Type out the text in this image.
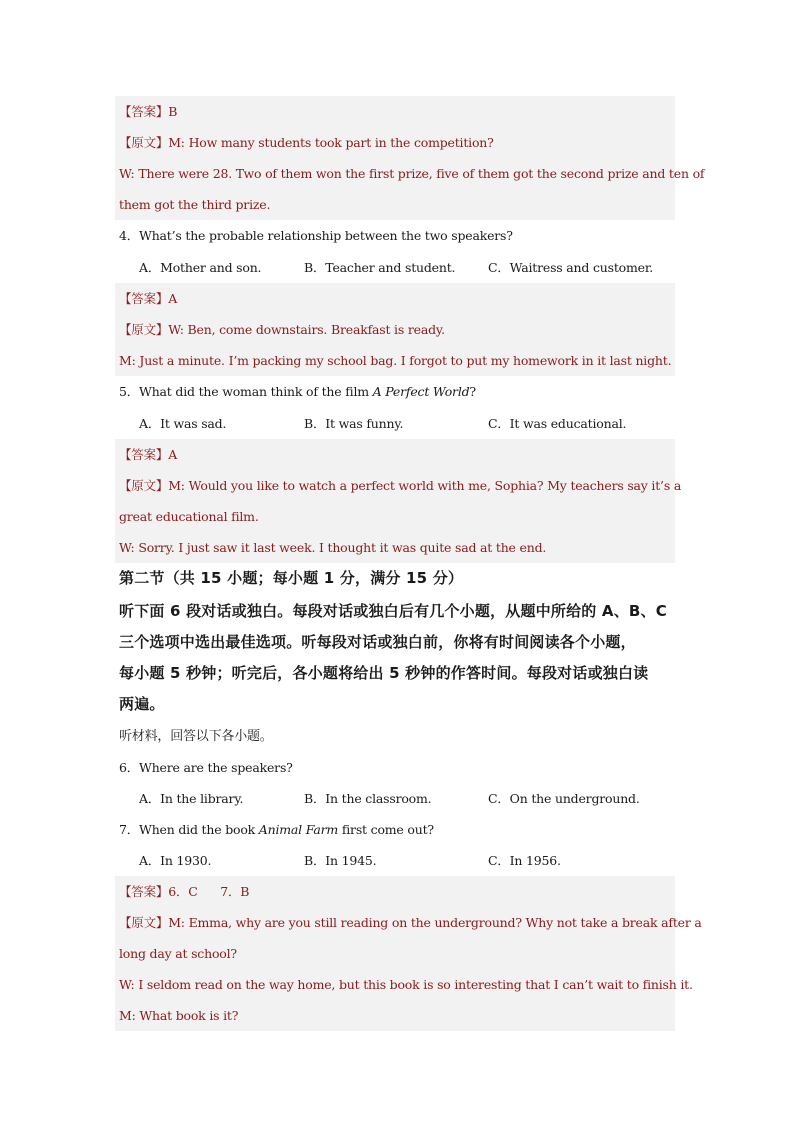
【答案】B
【原文】M: How many students took part in the competition?
W: There were 28. Two of them won the first prize, five of them got the second prize and ten of
them got the third prize.
4．What’s the probable relationship between the two speakers?
A．Mother and son.	B．Teacher and student.	C．Waitress and customer.
【答案】A
【原文】W: Ben, come downstairs. Breakfast is ready.
M: Just a minute. I’m packing my school bag. I forgot to put my homework in it last night.
5．What did the woman think of the film A Perfect World?
A．It was sad.	B．It was funny.	C．It was educational.
【答案】A
【原文】M: Would you like to watch a perfect world with me, Sophia? My teachers say it’s a
great educational film.
W: Sorry. I just saw it last week. I thought it was quite sad at the end.
第二节（共 15 小题；每小题 1 分，满分 15 分）
听下面 6 段对话或独白。每段对话或独白后有几个小题，从题中所给的 A、B、C
三个选项中选出最佳选项。听每段对话或独白前，你将有时间阅读各个小题，
每小题 5 秒钟；听完后，各小题将给出 5 秒钟的作答时间。每段对话或独白读
两遍。
听材料，回答以下各小题。
6．Where are the speakers?
A．In the library.	B．In the classroom.	C．On the underground.
7．When did the book Animal Farm first come out?
A．In 1930.	B．In 1945.	C．In 1956.
【答案】6．C      7．B
【原文】M: Emma, why are you still reading on the underground? Why not take a break after a
long day at school?
W: I seldom read on the way home, but this book is so interesting that I can’t wait to finish it.
M: What book is it?
